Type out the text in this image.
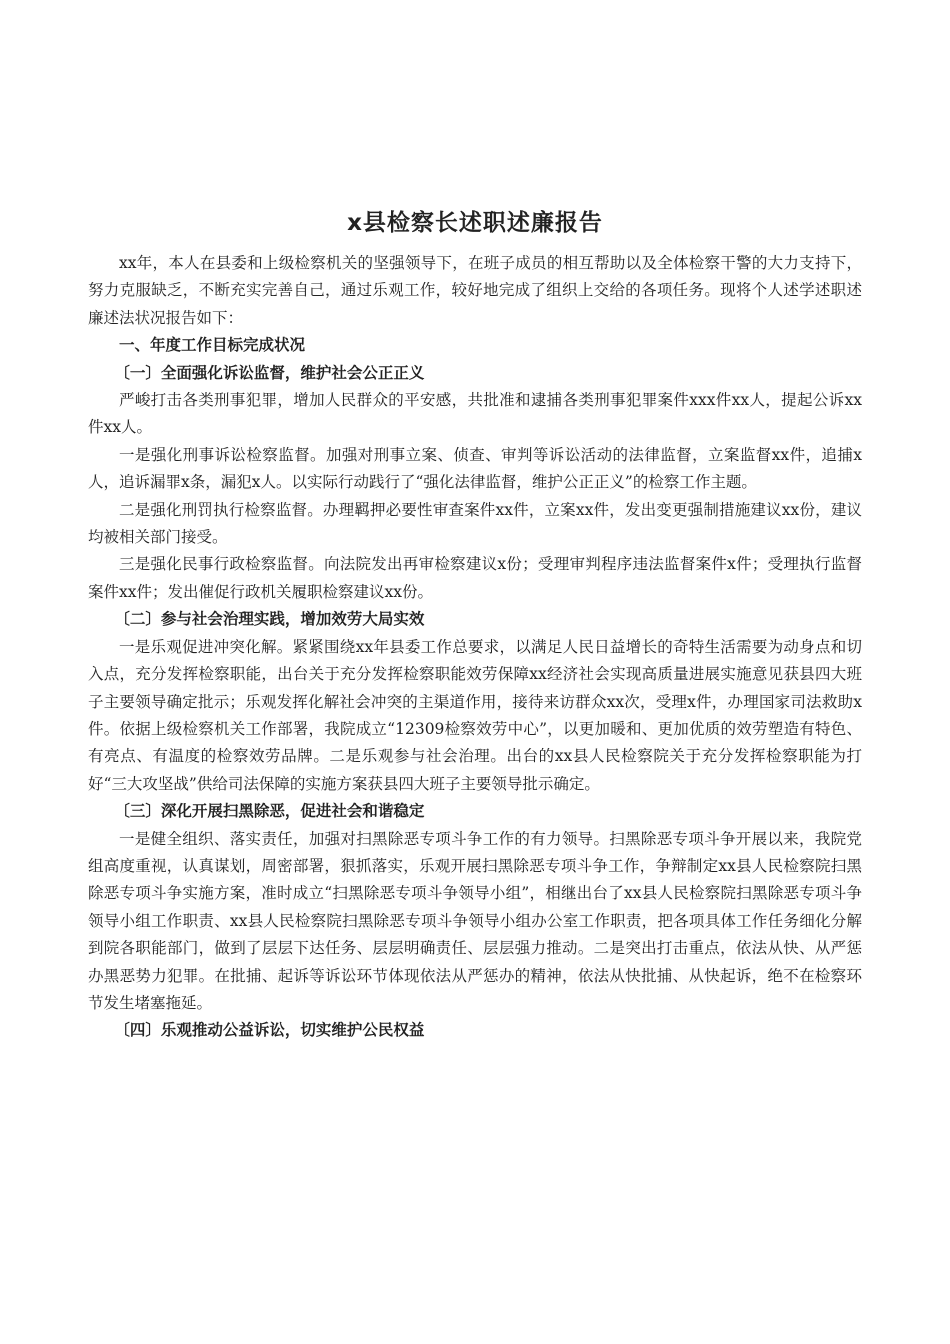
x县检察长述职述廉报告

xx年，本人在县委和上级检察机关的坚强领导下，在班子成员的相互帮助以及全体检察干警的大力支持下，努力克服缺乏，不断充实完善自己，通过乐观工作，较好地完成了组织上交给的各项任务。现将个人述学述职述廉述法状况报告如下：

一、年度工作目标完成状况

〔一〕全面强化诉讼监督，维护社会公正正义

严峻打击各类刑事犯罪，增加人民群众的平安感，共批准和逮捕各类刑事犯罪案件xxx件xx人，提起公诉xx件xx人。

一是强化刑事诉讼检察监督。加强对刑事立案、侦查、审判等诉讼活动的法律监督，立案监督xx件，追捕x人，追诉漏罪x条，漏犯x人。以实际行动践行了“强化法律监督，维护公正正义”的检察工作主题。

二是强化刑罚执行检察监督。办理羁押必要性审查案件xx件，立案xx件，发出变更强制措施建议xx份，建议均被相关部门接受。

三是强化民事行政检察监督。向法院发出再审检察建议x份；受理审判程序违法监督案件x件；受理执行监督案件xx件；发出催促行政机关履职检察建议xx份。

〔二〕参与社会治理实践，增加效劳大局实效

一是乐观促进冲突化解。紧紧围绕xx年县委工作总要求，以满足人民日益增长的奇特生活需要为动身点和切入点，充分发挥检察职能，出台关于充分发挥检察职能效劳保障xx经济社会实现高质量进展实施意见获县四大班子主要领导确定批示；乐观发挥化解社会冲突的主渠道作用，接待来访群众xx次，受理x件，办理国家司法救助x件。依据上级检察机关工作部署，我院成立“12309检察效劳中心”，以更加暖和、更加优质的效劳塑造有特色、有亮点、有温度的检察效劳品牌。二是乐观参与社会治理。出台的xx县人民检察院关于充分发挥检察职能为打好“三大攻坚战”供给司法保障的实施方案获县四大班子主要领导批示确定。

〔三〕深化开展扫黑除恶，促进社会和谐稳定

一是健全组织、落实责任，加强对扫黑除恶专项斗争工作的有力领导。扫黑除恶专项斗争开展以来，我院党组高度重视，认真谋划，周密部署，狠抓落实，乐观开展扫黑除恶专项斗争工作，争辩制定xx县人民检察院扫黑除恶专项斗争实施方案，准时成立“扫黑除恶专项斗争领导小组”，相继出台了xx县人民检察院扫黑除恶专项斗争领导小组工作职责、xx县人民检察院扫黑除恶专项斗争领导小组办公室工作职责，把各项具体工作任务细化分解到院各职能部门，做到了层层下达任务、层层明确责任、层层强力推动。二是突出打击重点，依法从快、从严惩办黑恶势力犯罪。在批捕、起诉等诉讼环节体现依法从严惩办的精神，依法从快批捕、从快起诉，绝不在检察环节发生堵塞拖延。

〔四〕乐观推动公益诉讼，切实维护公民权益
